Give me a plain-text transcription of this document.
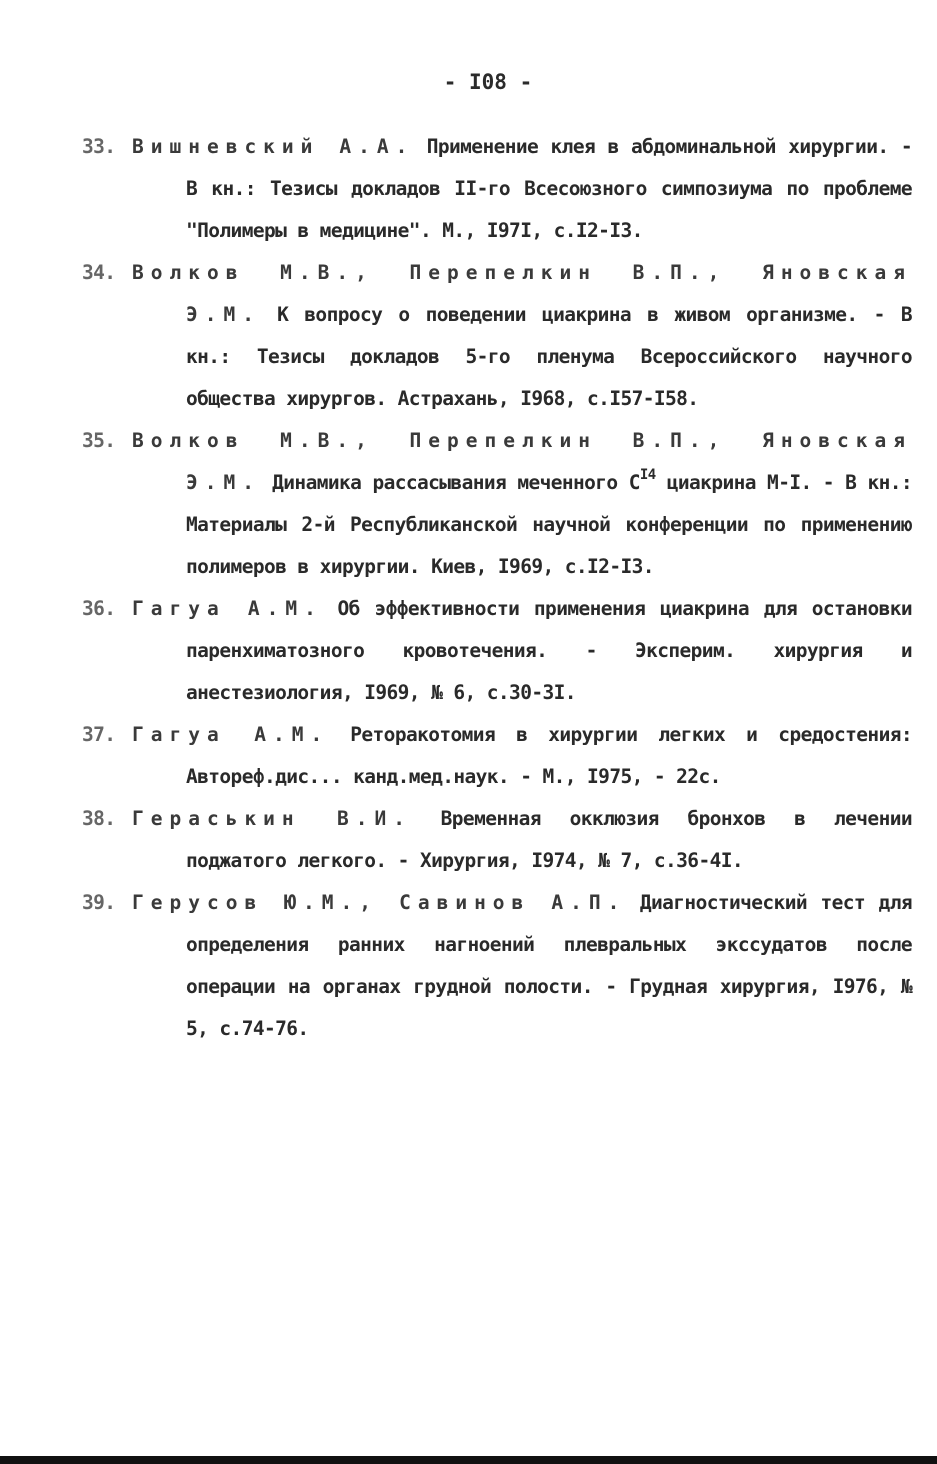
- I08 -

33. Вишневский А.А. Применение клея в абдоминальной хирургии. - В кн.: Тезисы докладов II-го Всесоюзного симпозиума по проблеме "Полимеры в медицине". М., I97I, с.I2-I3.

34. Волков М.В., Перепелкин В.П., Яновская Э.М. К вопросу о поведении циакрина в живом организме. - В кн.: Тезисы докладов 5-го пленума Всероссийского научного общества хирургов. Астрахань, I968, с.I57-I58.

35. Волков М.В., Перепелкин В.П., Яновская Э.М. Динамика рассасывания меченного $С^{I4}$ циакрина М-I. - В кн.: Материалы 2-й Республиканской научной конференции по применению полимеров в хирургии. Киев, I969, с.I2-I3.

36. Гагуа А.М. Об эффективности применения циакрина для остановки паренхиматозного кровотечения. - Эксперим. хирургия и анестезиология, I969, № 6, с.30-3I.

37. Гагуа А.М. Реторакотомия в хирургии легких и средостения: Автореф.дис... канд.мед.наук. - М., I975, - 22с.

38. Гераськин В.И. Временная окклюзия бронхов в лечении поджатого легкого. - Хирургия, I974, № 7, с.36-4I.

39. Герусов Ю.М., Савинов А.П. Диагностический тест для определения ранних нагноений плевральных экссудатов после операции на органах грудной полости. - Грудная хирургия, I976, № 5, с.74-76.
